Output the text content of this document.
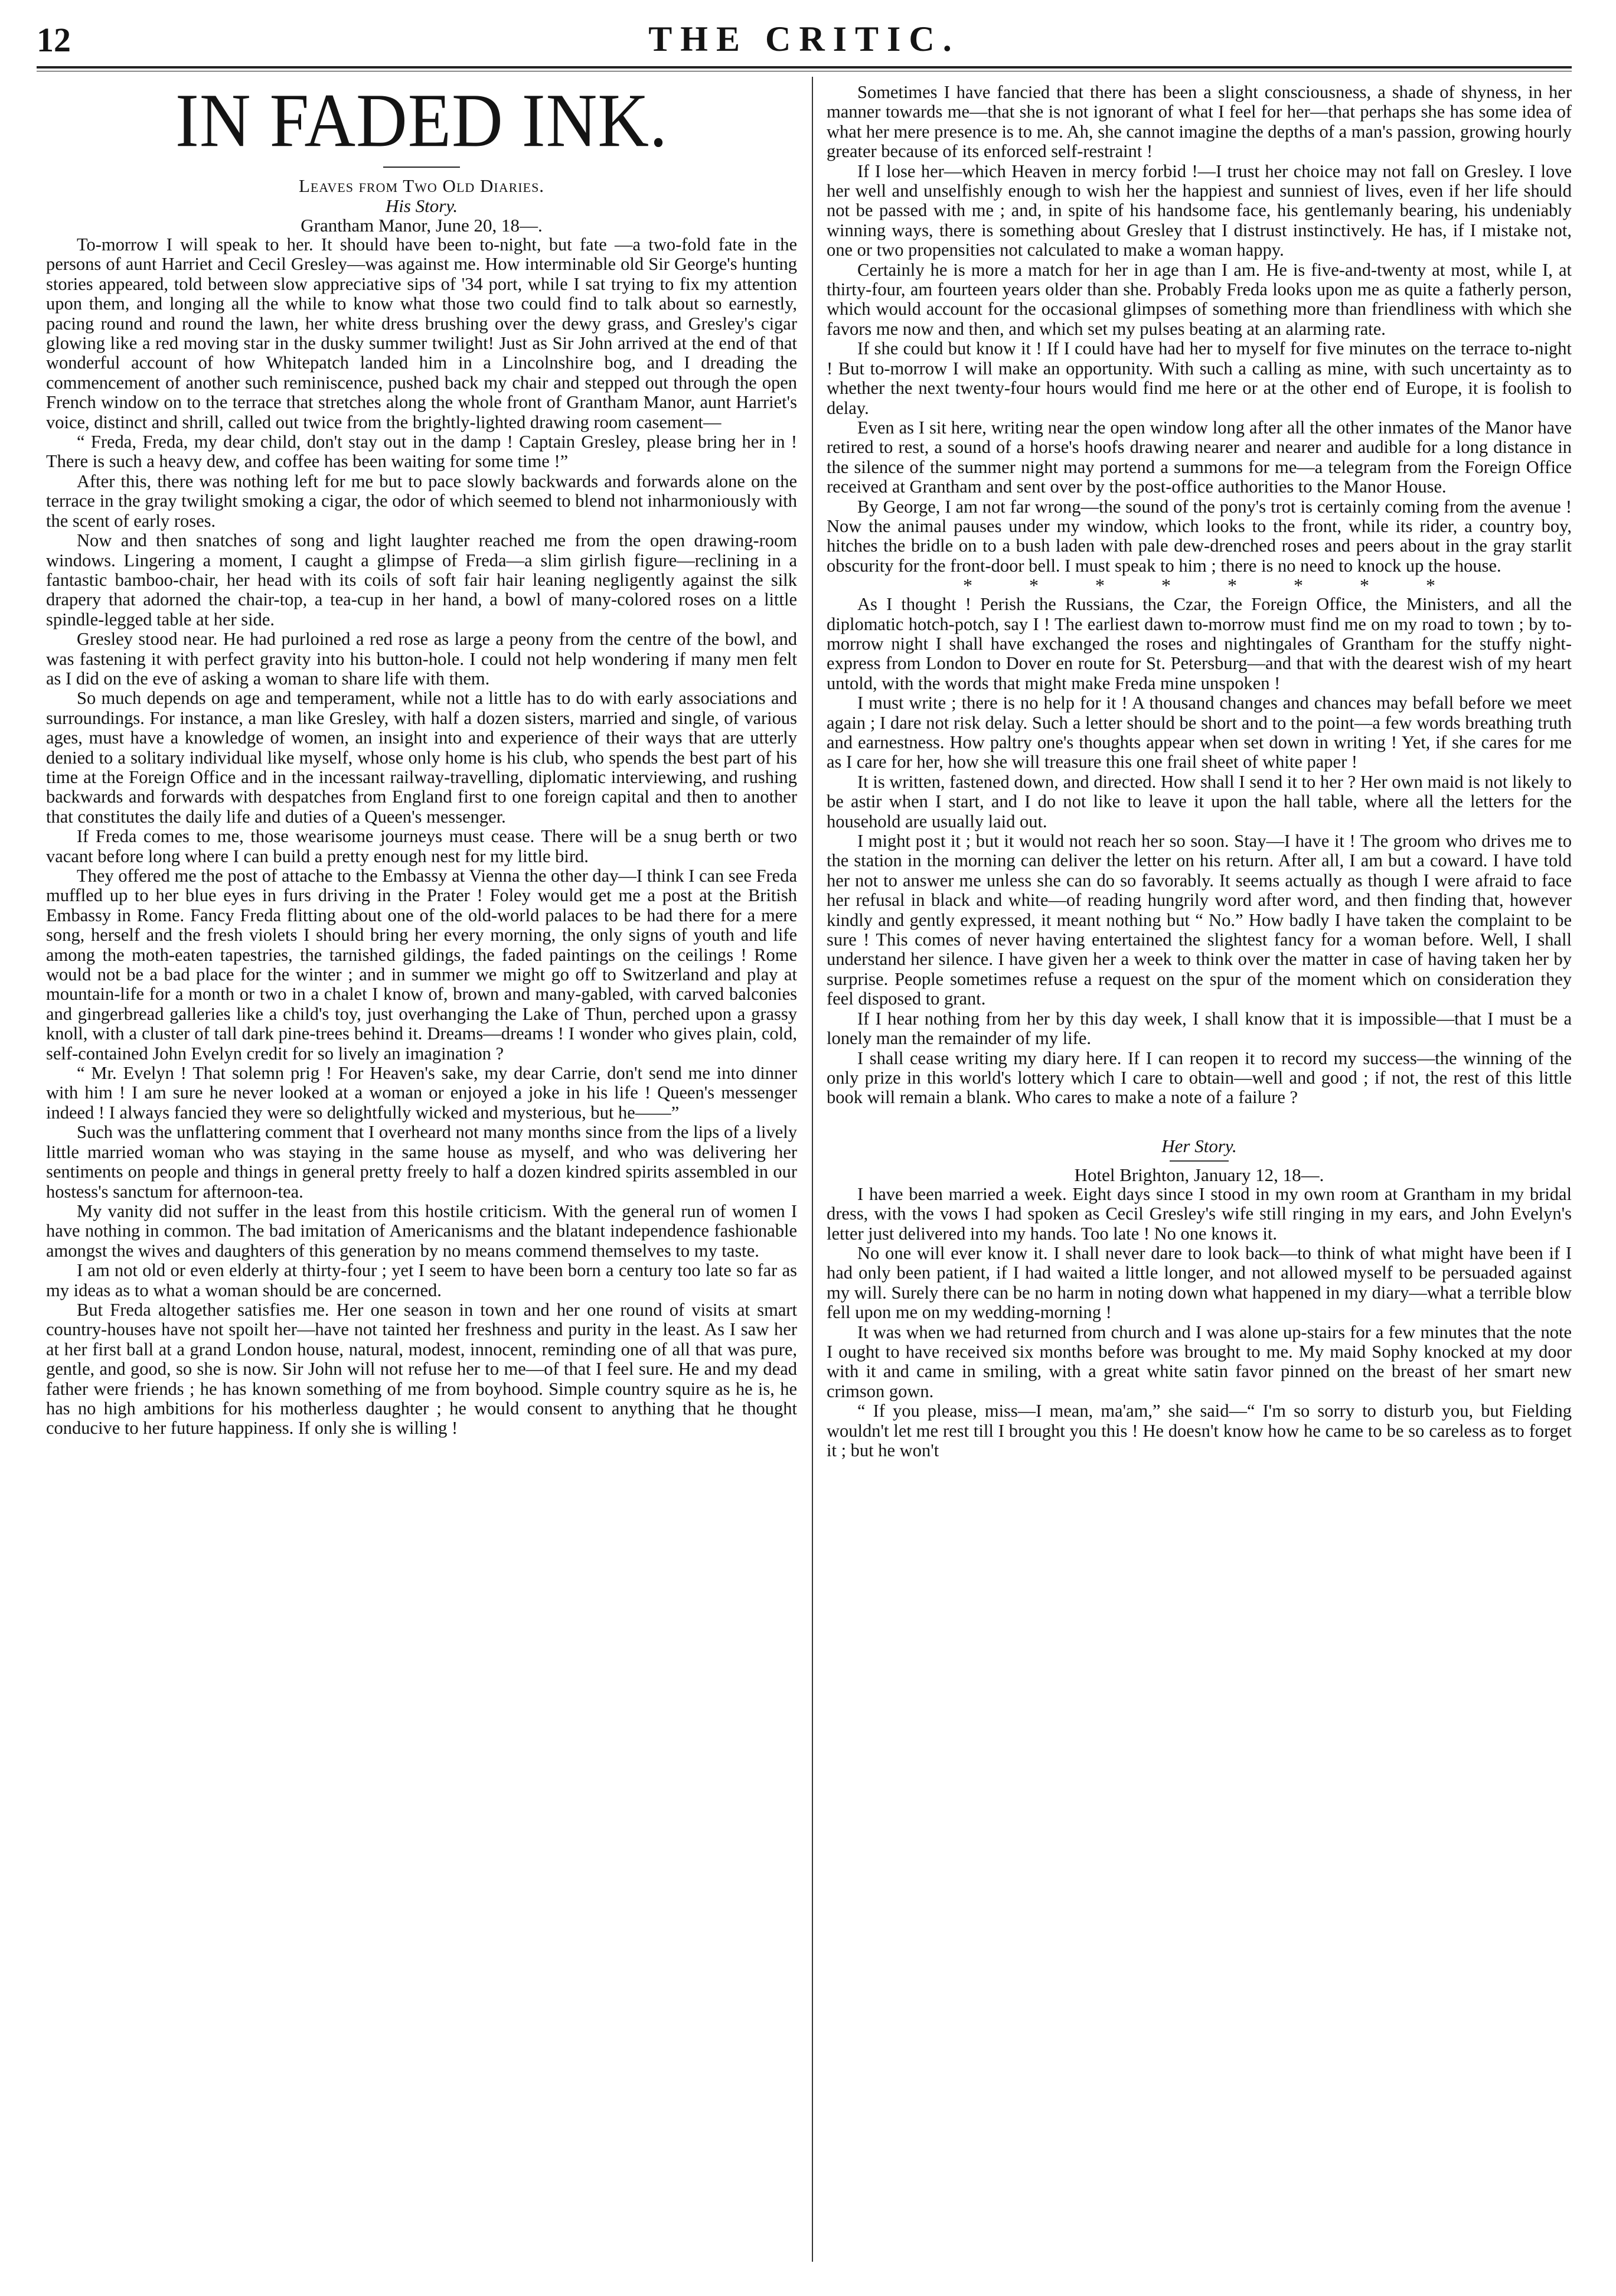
12	THE CRITIC.
IN FADED INK.

Leaves from Two Old Diaries.

His Story.

Grantham Manor, June 20, 18—.

To-morrow I will speak to her. It should have been to-night, but fate —a two-fold fate in the persons of aunt Harriet and Cecil Gresley—was against me. How interminable old Sir George's hunting stories appeared, told between slow appreciative sips of '34 port, while I sat trying to fix my attention upon them, and longing all the while to know what those two could find to talk about so earnestly, pacing round and round the lawn, her white dress brushing over the dewy grass, and Gresley's cigar glowing like a red moving star in the dusky summer twilight! Just as Sir John arrived at the end of that wonderful account of how Whitepatch landed him in a Lincolnshire bog, and I dreading the commencement of another such reminiscence, pushed back my chair and stepped out through the open French window on to the terrace that stretches along the whole front of Grantham Manor, aunt Harriet's voice, distinct and shrill, called out twice from the brightly-lighted drawing room casement—

“ Freda, Freda, my dear child, don't stay out in the damp ! Captain Gresley, please bring her in ! There is such a heavy dew, and coffee has been waiting for some time !”

After this, there was nothing left for me but to pace slowly backwards and forwards alone on the terrace in the gray twilight smoking a cigar, the odor of which seemed to blend not inharmoniously with the scent of early roses.

Now and then snatches of song and light laughter reached me from the open drawing-room windows. Lingering a moment, I caught a glimpse of Freda—a slim girlish figure—reclining in a fantastic bamboo-chair, her head with its coils of soft fair hair leaning negligently against the silk drapery that adorned the chair-top, a tea-cup in her hand, a bowl of many-colored roses on a little spindle-legged table at her side.

Gresley stood near. He had purloined a red rose as large a peony from the centre of the bowl, and was fastening it with perfect gravity into his button-hole. I could not help wondering if many men felt as I did on the eve of asking a woman to share life with them.

So much depends on age and temperament, while not a little has to do with early associations and surroundings. For instance, a man like Gresley, with half a dozen sisters, married and single, of various ages, must have a knowledge of women, an insight into and experience of their ways that are utterly denied to a solitary individual like myself, whose only home is his club, who spends the best part of his time at the Foreign Office and in the incessant railway-travelling, diplomatic interviewing, and rushing backwards and forwards with despatches from England first to one foreign capital and then to another that constitutes the daily life and duties of a Queen's messenger.

If Freda comes to me, those wearisome journeys must cease. There will be a snug berth or two vacant before long where I can build a pretty enough nest for my little bird.

They offered me the post of attache to the Embassy at Vienna the other day—I think I can see Freda muffled up to her blue eyes in furs driving in the Prater ! Foley would get me a post at the British Embassy in Rome. Fancy Freda flitting about one of the old-world palaces to be had there for a mere song, herself and the fresh violets I should bring her every morning, the only signs of youth and life among the moth-eaten tapestries, the tarnished gildings, the faded paintings on the ceilings ! Rome would not be a bad place for the winter ; and in summer we might go off to Switzerland and play at mountain-life for a month or two in a chalet I know of, brown and many-gabled, with carved balconies and gingerbread galleries like a child's toy, just overhanging the Lake of Thun, perched upon a grassy knoll, with a cluster of tall dark pine-trees behind it. Dreams—dreams ! I wonder who gives plain, cold, self-contained John Evelyn credit for so lively an imagination ?

“ Mr. Evelyn ! That solemn prig ! For Heaven's sake, my dear Carrie, don't send me into dinner with him ! I am sure he never looked at a woman or enjoyed a joke in his life ! Queen's messenger indeed ! I always fancied they were so delightfully wicked and mysterious, but he——”

Such was the unflattering comment that I overheard not many months since from the lips of a lively little married woman who was staying in the same house as myself, and who was delivering her sentiments on people and things in general pretty freely to half a dozen kindred spirits assembled in our hostess's sanctum for afternoon-tea.

My vanity did not suffer in the least from this hostile criticism. With the general run of women I have nothing in common. The bad imitation of Americanisms and the blatant independence fashionable amongst the wives and daughters of this generation by no means commend themselves to my taste.

I am not old or even elderly at thirty-four ; yet I seem to have been born a century too late so far as my ideas as to what a woman should be are concerned.

But Freda altogether satisfies me. Her one season in town and her one round of visits at smart country-houses have not spoilt her—have not tainted her freshness and purity in the least. As I saw her at her first ball at a grand London house, natural, modest, innocent, reminding one of all that was pure, gentle, and good, so she is now. Sir John will not refuse her to me—of that I feel sure. He and my dead father were friends ; he has known something of me from boyhood. Simple country squire as he is, he has no high ambitions for his motherless daughter ; he would consent to anything that he thought conducive to her future happiness. If only she is willing !

Sometimes I have fancied that there has been a slight consciousness, a shade of shyness, in her manner towards me—that she is not ignorant of what I feel for her—that perhaps she has some idea of what her mere presence is to me. Ah, she cannot imagine the depths of a man's passion, growing hourly greater because of its enforced self-restraint !

If I lose her—which Heaven in mercy forbid !—I trust her choice may not fall on Gresley. I love her well and unselfishly enough to wish her the happiest and sunniest of lives, even if her life should not be passed with me ; and, in spite of his handsome face, his gentlemanly bearing, his undeniably winning ways, there is something about Gresley that I distrust instinctively. He has, if I mistake not, one or two propensities not calculated to make a woman happy.

Certainly he is more a match for her in age than I am. He is five-and-twenty at most, while I, at thirty-four, am fourteen years older than she. Probably Freda looks upon me as quite a fatherly person, which would account for the occasional glimpses of something more than friendliness with which she favors me now and then, and which set my pulses beating at an alarming rate.

If she could but know it ! If I could have had her to myself for five minutes on the terrace to-night ! But to-morrow I will make an opportunity. With such a calling as mine, with such uncertainty as to whether the next twenty-four hours would find me here or at the other end of Europe, it is foolish to delay.

Even as I sit here, writing near the open window long after all the other inmates of the Manor have retired to rest, a sound of a horse's hoofs drawing nearer and nearer and audible for a long distance in the silence of the summer night may portend a summons for me—a telegram from the Foreign Office received at Grantham and sent over by the post-office authorities to the Manor House.

By George, I am not far wrong—the sound of the pony's trot is certainly coming from the avenue ! Now the animal pauses under my window, which looks to the front, while its rider, a country boy, hitches the bridle on to a bush laden with pale dew-drenched roses and peers about in the gray starlit obscurity for the front-door bell. I must speak to him ; there is no need to knock up the house.

* * * * * * * *

As I thought ! Perish the Russians, the Czar, the Foreign Office, the Ministers, and all the diplomatic hotch-potch, say I ! The earliest dawn to-morrow must find me on my road to town ; by to-morrow night I shall have exchanged the roses and nightingales of Grantham for the stuffy night-express from London to Dover en route for St. Petersburg—and that with the dearest wish of my heart untold, with the words that might make Freda mine unspoken !

I must write ; there is no help for it ! A thousand changes and chances may befall before we meet again ; I dare not risk delay. Such a letter should be short and to the point—a few words breathing truth and earnestness. How paltry one's thoughts appear when set down in writing ! Yet, if she cares for me as I care for her, how she will treasure this one frail sheet of white paper !

It is written, fastened down, and directed. How shall I send it to her ? Her own maid is not likely to be astir when I start, and I do not like to leave it upon the hall table, where all the letters for the household are usually laid out.

I might post it ; but it would not reach her so soon. Stay—I have it ! The groom who drives me to the station in the morning can deliver the letter on his return. After all, I am but a coward. I have told her not to answer me unless she can do so favorably. It seems actually as though I were afraid to face her refusal in black and white—of reading hungrily word after word, and then finding that, however kindly and gently expressed, it meant nothing but “ No.” How badly I have taken the complaint to be sure ! This comes of never having entertained the slightest fancy for a woman before. Well, I shall understand her silence. I have given her a week to think over the matter in case of having taken her by surprise. People sometimes refuse a request on the spur of the moment which on consideration they feel disposed to grant.

If I hear nothing from her by this day week, I shall know that it is impossible—that I must be a lonely man the remainder of my life.

I shall cease writing my diary here. If I can reopen it to record my success—the winning of the only prize in this world's lottery which I care to obtain—well and good ; if not, the rest of this little book will remain a blank. Who cares to make a note of a failure ?

Her Story.

Hotel Brighton, January 12, 18—.

I have been married a week. Eight days since I stood in my own room at Grantham in my bridal dress, with the vows I had spoken as Cecil Gresley's wife still ringing in my ears, and John Evelyn's letter just delivered into my hands. Too late ! No one knows it.

No one will ever know it. I shall never dare to look back—to think of what might have been if I had only been patient, if I had waited a little longer, and not allowed myself to be persuaded against my will. Surely there can be no harm in noting down what happened in my diary—what a terrible blow fell upon me on my wedding-morning !

It was when we had returned from church and I was alone up-stairs for a few minutes that the note I ought to have received six months before was brought to me. My maid Sophy knocked at my door with it and came in smiling, with a great white satin favor pinned on the breast of her smart new crimson gown.

“ If you please, miss—I mean, ma'am,” she said—“ I'm so sorry to disturb you, but Fielding wouldn't let me rest till I brought you this ! He doesn't know how he came to be so careless as to forget it ; but he won't
